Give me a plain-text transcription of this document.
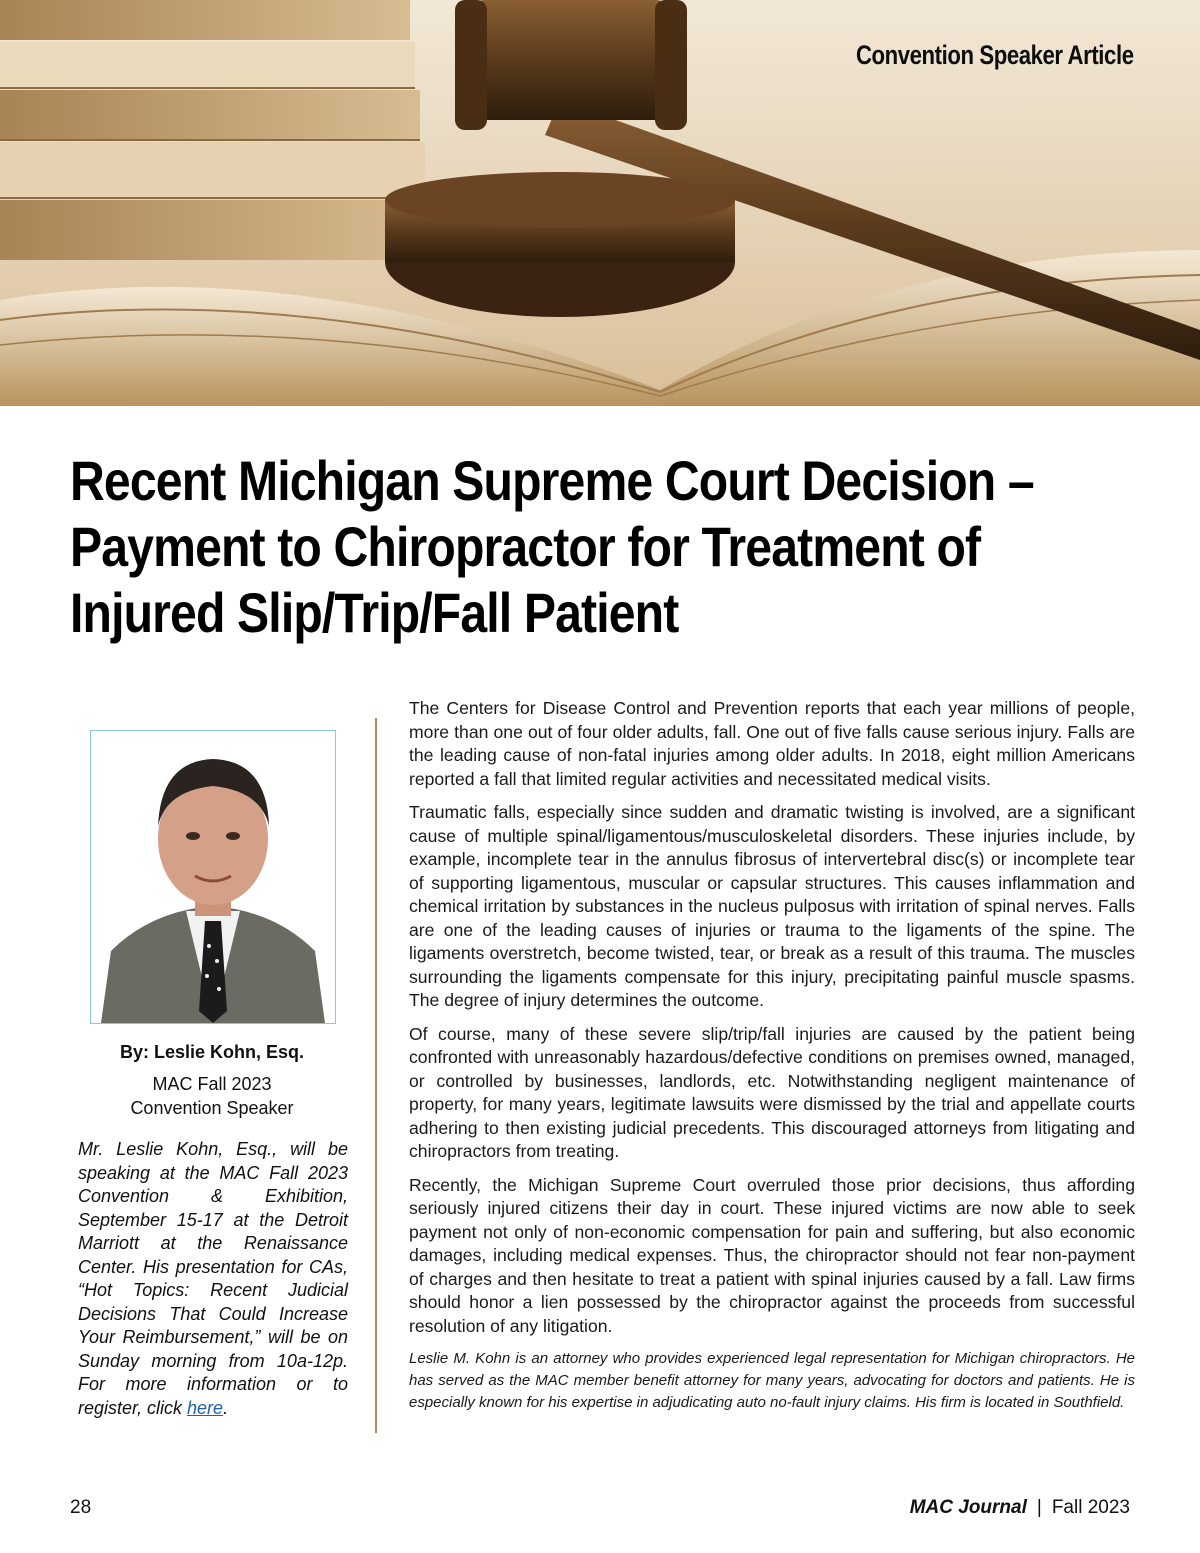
Convention Speaker Article
Recent Michigan Supreme Court Decision –
Payment to Chiropractor for Treatment of
Injured Slip/Trip/Fall Patient
By: Leslie Kohn, Esq.
MAC Fall 2023
Convention Speaker

Mr. Leslie Kohn, Esq., will be speaking at the MAC Fall 2023 Convention & Exhibition, September 15-17 at the Detroit Marriott at the Renaissance Center. His presentation for CAs, “Hot Topics: Recent Judicial Decisions That Could Increase Your Reimbursement,” will be on Sunday morning from 10a-12p. For more information or to register, click here.

The Centers for Disease Control and Prevention reports that each year millions of people, more than one out of four older adults, fall. One out of five falls cause serious injury. Falls are the leading cause of non-fatal injuries among older adults. In 2018, eight million Americans reported a fall that limited regular activities and necessitated medical visits.

Traumatic falls, especially since sudden and dramatic twisting is involved, are a significant cause of multiple spinal/ligamentous/musculoskeletal disorders. These injuries include, by example, incomplete tear in the annulus fibrosus of intervertebral disc(s) or incomplete tear of supporting ligamentous, muscular or capsular structures. This causes inflammation and chemical irritation by substances in the nucleus pulposus with irritation of spinal nerves. Falls are one of the leading causes of injuries or trauma to the ligaments of the spine. The ligaments overstretch, become twisted, tear, or break as a result of this trauma. The muscles surrounding the ligaments compensate for this injury, precipitating painful muscle spasms. The degree of injury determines the outcome.

Of course, many of these severe slip/trip/fall injuries are caused by the patient being confronted with unreasonably hazardous/defective conditions on premises owned, managed, or controlled by businesses, landlords, etc. Notwithstanding negligent maintenance of property, for many years, legitimate lawsuits were dismissed by the trial and appellate courts adhering to then existing judicial precedents. This discouraged attorneys from litigating and chiropractors from treating.

Recently, the Michigan Supreme Court overruled those prior decisions, thus affording seriously injured citizens their day in court. These injured victims are now able to seek payment not only of non-economic compensation for pain and suffering, but also economic damages, including medical expenses. Thus, the chiropractor should not fear non-payment of charges and then hesitate to treat a patient with spinal injuries caused by a fall. Law firms should honor a lien possessed by the chiropractor against the proceeds from successful resolution of any litigation.

Leslie M. Kohn is an attorney who provides experienced legal representation for Michigan chiropractors. He has served as the MAC member benefit attorney for many years, advocating for doctors and patients. He is especially known for his expertise in adjudicating auto no-fault injury claims. His firm is located in Southfield.

28	MAC Journal | Fall 2023
